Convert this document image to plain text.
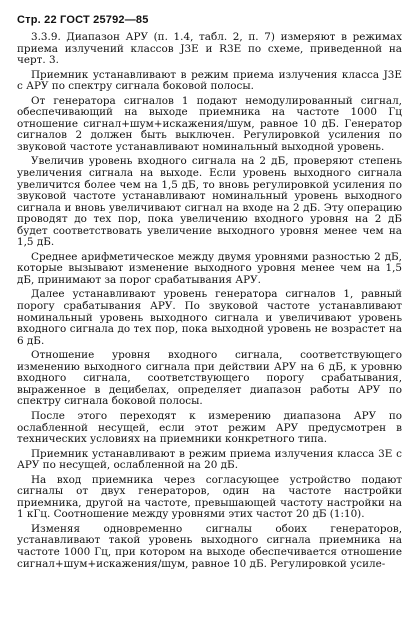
Стр. 22 ГОСТ 25792—85

3.3.9. Диапазон АРУ (п. 1.4, табл. 2, п. 7) измеряют в режимах приема излучений классов J3E и R3E по схеме, приведенной на черт. 3.

Приемник устанавливают в режим приема излучения класса J3E с АРУ по спектру сигнала боковой полосы.

От генератора сигналов 1 подают немодулированный сигнал, обеспечивающий на выходе приемника на частоте 1000 Гц отношение сигнал+шум+искажения/шум, равное 10 дБ. Генератор сигналов 2 должен быть выключен. Регулировкой усиления по звуковой частоте устанавливают номинальный выходной уровень.

Увеличив уровень входного сигнала на 2 дБ, проверяют степень увеличения сигнала на выходе. Если уровень выходного сигнала увеличится более чем на 1,5 дБ, то вновь регулировкой усиления по звуковой частоте устанавливают номинальный уровень выходного сигнала и вновь увеличивают сигнал на входе на 2 дБ. Эту операцию проводят до тех пор, пока увеличению входного уровня на 2 дБ будет соответствовать увеличение выходного уровня менее чем на 1,5 дБ.

Среднее арифметическое между двумя уровнями разностью 2 дБ, которые вызывают изменение выходного уровня менее чем на 1,5 дБ, принимают за порог срабатывания АРУ.

Далее устанавливают уровень генератора сигналов 1, равный порогу срабатывания АРУ. По звуковой частоте устанавливают номинальный уровень выходного сигнала и увеличивают уровень входного сигнала до тех пор, пока выходной уровень не возрастет на 6 дБ.

Отношение уровня входного сигнала, соответствующего изменению выходного сигнала при действии АРУ на 6 дБ, к уровню входного сигнала, соответствующего порогу срабатывания, выраженное в децибелах, определяет диапазон работы АРУ по спектру сигнала боковой полосы.

После этого переходят к измерению диапазона АРУ по ослабленной несущей, если этот режим АРУ предусмотрен в технических условиях на приемники конкретного типа.

Приемник устанавливают в режим приема излучения класса 3E с АРУ по несущей, ослабленной на 20 дБ.

На вход приемника через согласующее устройство подают сигналы от двух генераторов, один на частоте настройки приемника, другой на частоте, превышающей частоту настройки на 1 кГц. Соотношение между уровнями этих частот 20 дБ (1:10).

Изменяя одновременно сигналы обоих генераторов, устанавливают такой уровень выходного сигнала приемника на частоте 1000 Гц, при котором на выходе обеспечивается отношение сигнал+шум+искажения/шум, равное 10 дБ. Регулировкой усиле-
